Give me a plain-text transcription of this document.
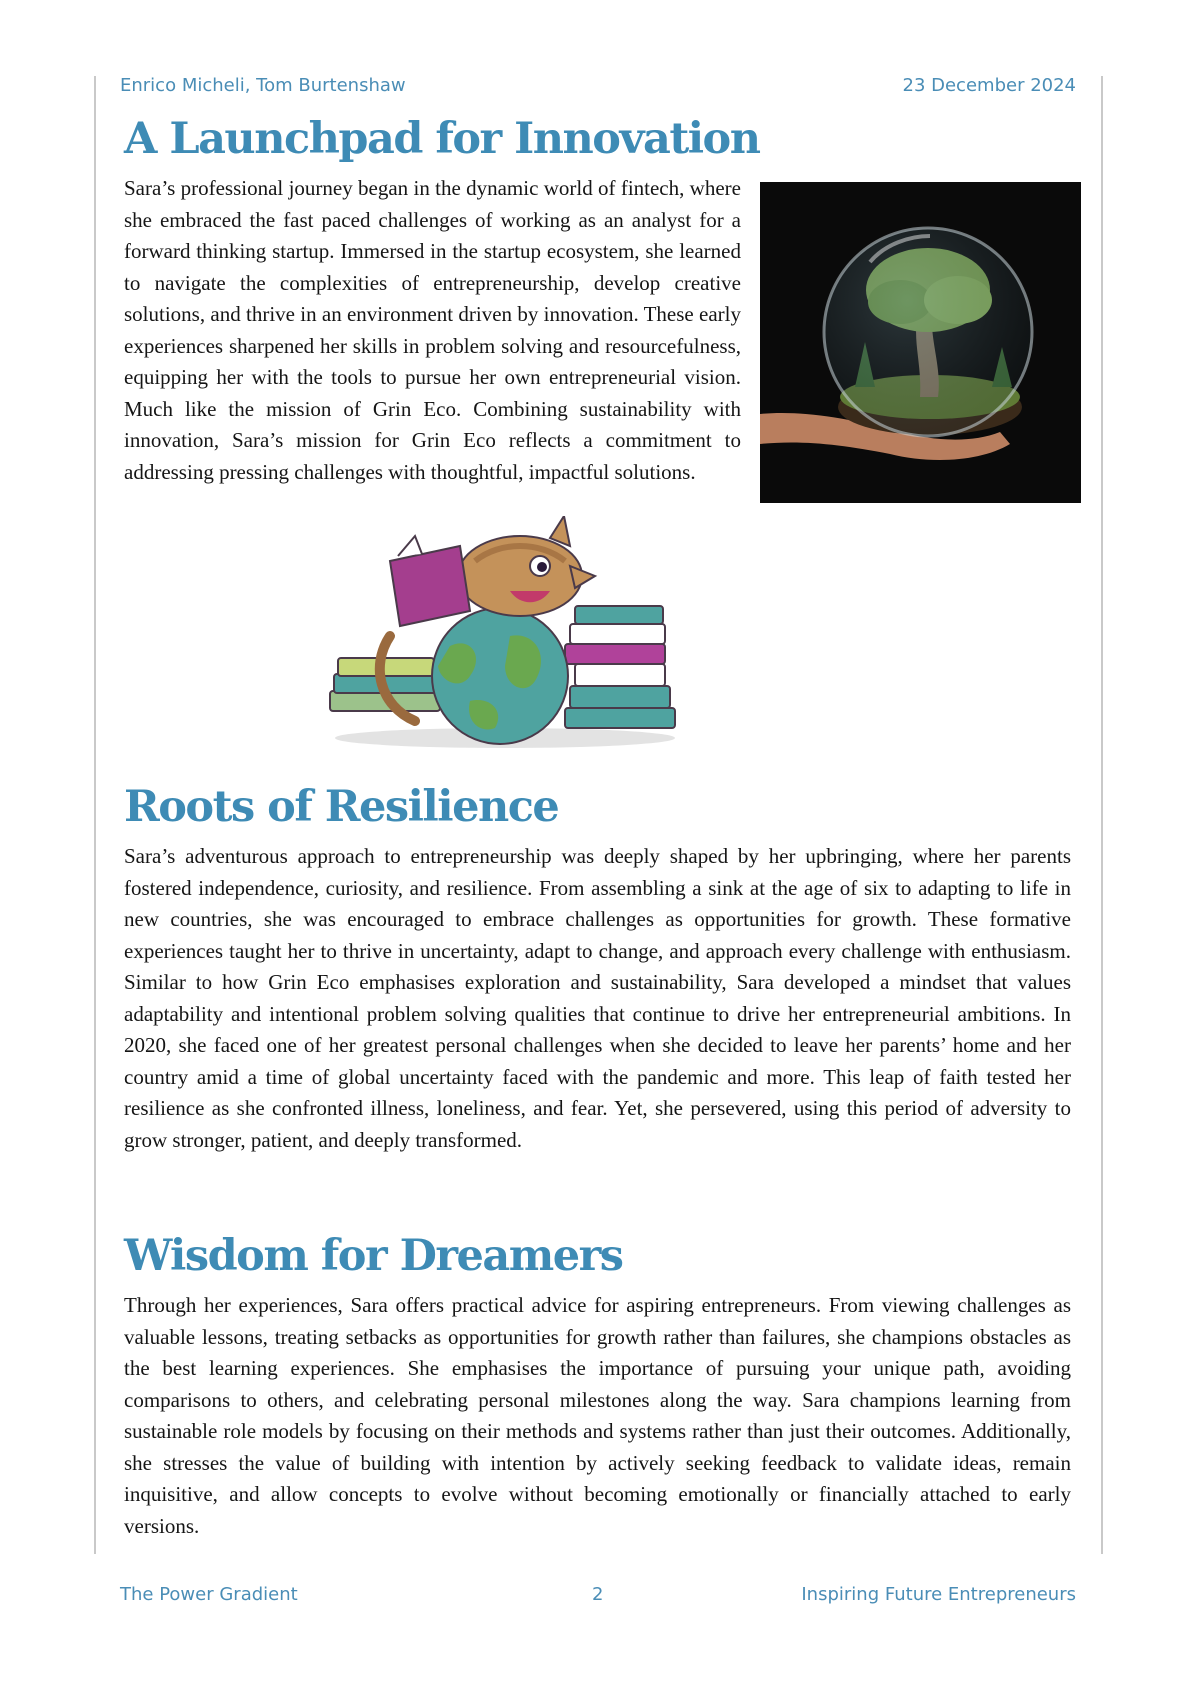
Enrico Micheli, Tom Burtenshaw	23 December 2024
A Launchpad for Innovation

Sara’s professional journey began in the dynamic world of fintech, where she embraced the fast paced challenges of working as an analyst for a forward thinking startup. Immersed in the startup ecosystem, she learned to navigate the complexities of entrepreneurship, develop creative solutions, and thrive in an environment driven by innovation. These early experiences sharpened her skills in problem solving and resourcefulness, equipping her with the tools to pursue her own entrepreneurial vision. Much like the mission of Grin Eco. Combining sustainability with innovation, Sara’s mission for Grin Eco reflects a commitment to addressing pressing challenges with thoughtful, impactful solutions.

Roots of Resilience

Sara’s adventurous approach to entrepreneurship was deeply shaped by her upbringing, where her parents fostered independence, curiosity, and resilience. From assembling a sink at the age of six to adapting to life in new countries, she was encouraged to embrace challenges as opportunities for growth. These formative experiences taught her to thrive in uncertainty, adapt to change, and approach every challenge with enthusiasm. Similar to how Grin Eco emphasises exploration and sustainability, Sara developed a mindset that values adaptability and intentional problem solving qualities that continue to drive her entrepreneurial ambitions. In 2020, she faced one of her greatest personal challenges when she decided to leave her parents’ home and her country amid a time of global uncertainty faced with the pandemic and more. This leap of faith tested her resilience as she confronted illness, loneliness, and fear. Yet, she persevered, using this period of adversity to grow stronger, patient, and deeply transformed.

Wisdom for Dreamers

Through her experiences, Sara offers practical advice for aspiring entrepreneurs. From viewing challenges as valuable lessons, treating setbacks as opportunities for growth rather than failures, she champions obstacles as the best learning experiences. She emphasises the importance of pursuing your unique path, avoiding comparisons to others, and celebrating personal milestones along the way. Sara champions learning from sustainable role models by focusing on their methods and systems rather than just their outcomes. Additionally, she stresses the value of building with intention by actively seeking feedback to validate ideas, remain inquisitive, and allow concepts to evolve without becoming emotionally or financially attached to early versions.

The Power Gradient	2	Inspiring Future Entrepreneurs
